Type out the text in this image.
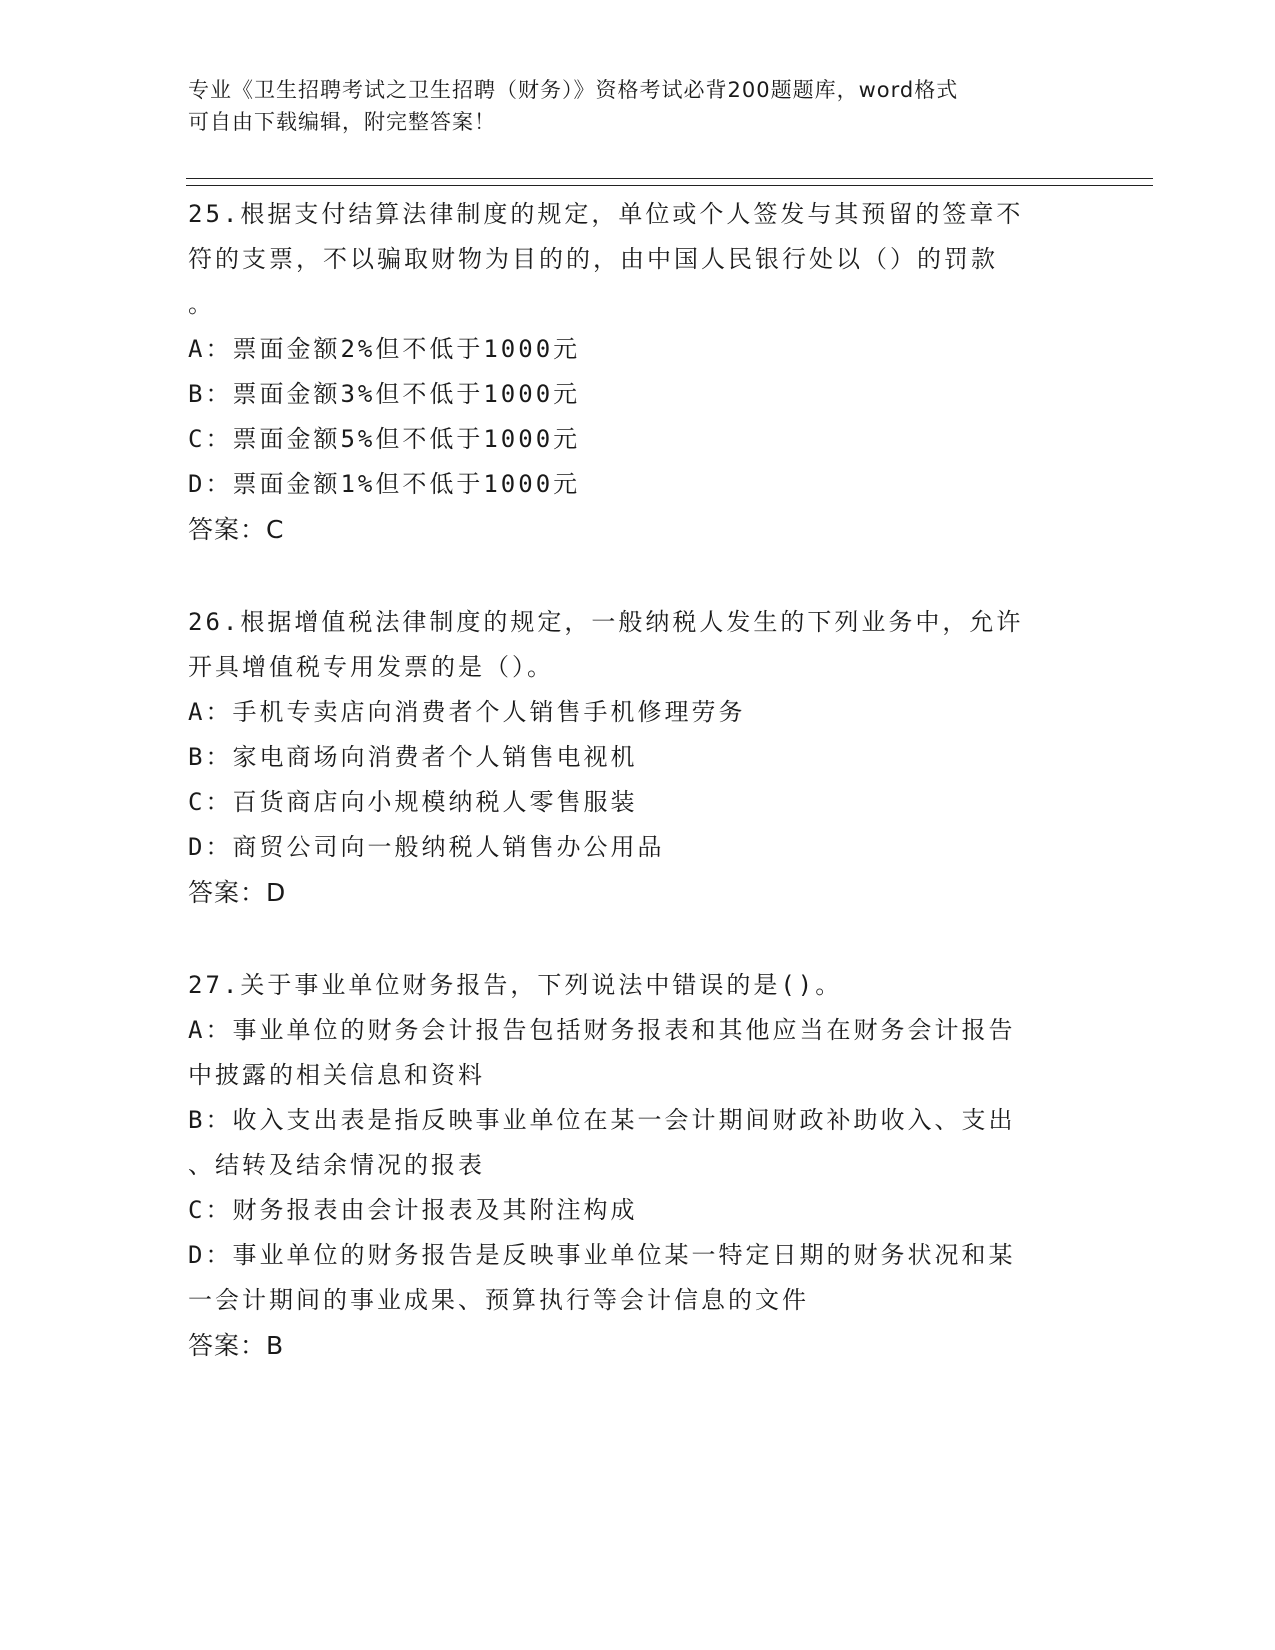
专业《卫生招聘考试之卫生招聘（财务）》资格考试必背200题题库，word格式
可自由下载编辑，附完整答案！

25.根据支付结算法律制度的规定，单位或个人签发与其预留的签章不

符的支票，不以骗取财物为目的的，由中国人民银行处以（）的罚款

。

A：票面金额2%但不低于1000元

B：票面金额3%但不低于1000元

C：票面金额5%但不低于1000元

D：票面金额1%但不低于1000元

答案：C

26.根据增值税法律制度的规定，一般纳税人发生的下列业务中，允许

开具增值税专用发票的是（）。

A：手机专卖店向消费者个人销售手机修理劳务

B：家电商场向消费者个人销售电视机

C：百货商店向小规模纳税人零售服装

D：商贸公司向一般纳税人销售办公用品

答案：D

27.关于事业单位财务报告，下列说法中错误的是()。

A：事业单位的财务会计报告包括财务报表和其他应当在财务会计报告

中披露的相关信息和资料

B：收入支出表是指反映事业单位在某一会计期间财政补助收入、支出

、结转及结余情况的报表

C：财务报表由会计报表及其附注构成

D：事业单位的财务报告是反映事业单位某一特定日期的财务状况和某

一会计期间的事业成果、预算执行等会计信息的文件

答案：B
